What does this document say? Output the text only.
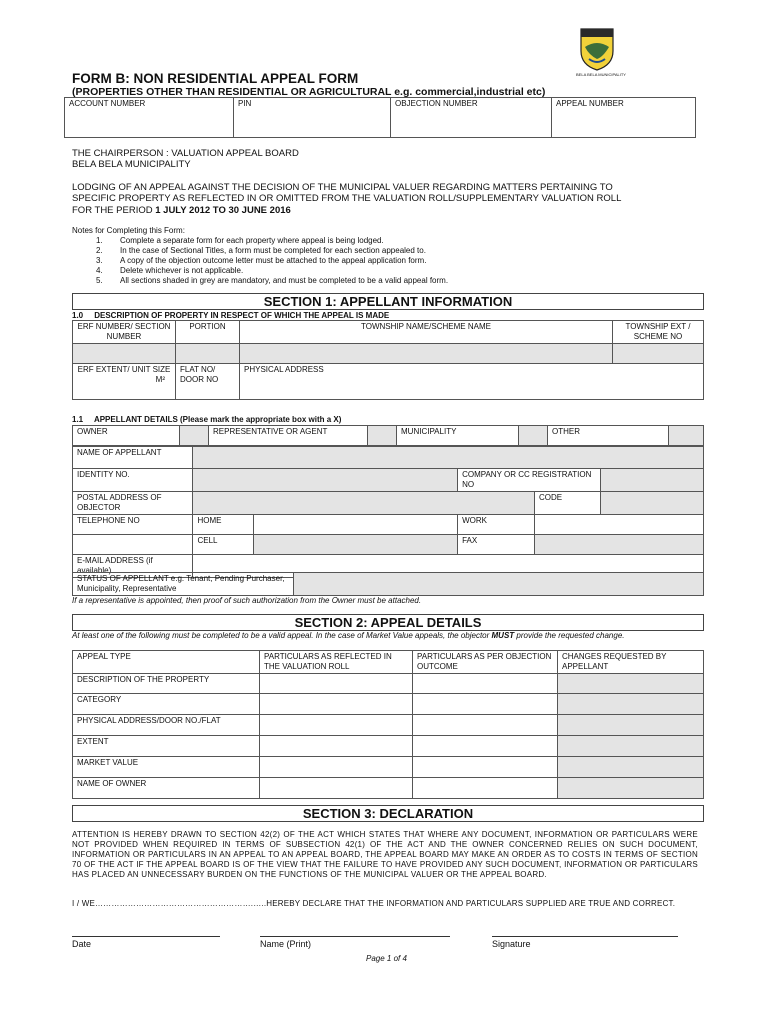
BELA BELA MUNICIPALITY
FORM B: NON RESIDENTIAL APPEAL FORM
(PROPERTIES OTHER THAN RESIDENTIAL OR AGRICULTURAL e.g. commercial,industrial etc)
ACCOUNT NUMBER	PIN	OBJECTION NUMBER	APPEAL NUMBER
THE CHAIRPERSON : VALUATION APPEAL BOARD
BELA BELA MUNICIPALITY
LODGING OF AN APPEAL AGAINST THE DECISION OF THE MUNICIPAL VALUER REGARDING MATTERS PERTAINING TO
SPECIFIC PROPERTY AS REFLECTED IN OR OMITTED FROM THE VALUATION ROLL/SUPPLEMENTARY VALUATION ROLL
FOR THE PERIOD 1 JULY 2012 TO 30 JUNE 2016
Notes for Completing this Form:
1. Complete a separate form for each property where appeal is being lodged.
2. In the case of Sectional Titles, a form must be completed for each section appealed to.
3. A copy of the objection outcome letter must be attached to the appeal application form.
4. Delete whichever is not applicable.
5. All sections shaded in grey are mandatory, and must be completed to be a valid appeal form.
SECTION 1: APPELLANT INFORMATION
1.0     DESCRIPTION OF PROPERTY IN RESPECT OF WHICH THE APPEAL IS MADE
ERF NUMBER/ SECTION NUMBER	PORTION	TOWNSHIP NAME/SCHEME NAME	TOWNSHIP EXT / SCHEME NO

ERF EXTENT/ UNIT SIZE
M²	FLAT NO/ DOOR NO	PHYSICAL ADDRESS	
1.1     APPELLANT DETAILS (Please mark the appropriate box with a X)
OWNER		REPRESENTATIVE OR AGENT		MUNICIPALITY		OTHER	
NAME OF APPELLANT					
IDENTITY NO.			COMPANY OR CC REGISTRATION NO		
POSTAL ADDRESS OF OBJECTOR				CODE	
TELEPHONE NO	HOME		WORK		
	CELL		FAX		
E-MAIL ADDRESS (if available)					
STATUS OF APPELLANT e.g. Tenant, Pending Purchaser, Municipality, Representative	
If a representative is appointed, then proof of such authorization from the Owner must be attached.
SECTION 2: APPEAL DETAILS
At least one of the following must be completed to be a valid appeal. In the case of Market Value appeals, the objector MUST provide the requested change.
APPEAL TYPE	PARTICULARS AS REFLECTED IN THE VALUATION ROLL	PARTICULARS AS PER OBJECTION OUTCOME	CHANGES REQUESTED BY APPELLANT
DESCRIPTION OF THE PROPERTY			
CATEGORY			
PHYSICAL ADDRESS/DOOR NO./FLAT			
EXTENT			
MARKET VALUE			
NAME OF OWNER			
SECTION 3: DECLARATION
ATTENTION IS HEREBY DRAWN TO SECTION 42(2) OF THE ACT WHICH STATES THAT WHERE ANY DOCUMENT, INFORMATION OR PARTICULARS WERE NOT PROVIDED WHEN REQUIRED IN TERMS OF SUBSECTION 42(1) OF THE ACT AND THE OWNER CONCERNED RELIES ON SUCH DOCUMENT, INFORMATION OR PARTICULARS IN AN APPEAL TO AN APPEAL BOARD, THE APPEAL BOARD MAY MAKE AN ORDER AS TO COSTS IN TERMS OF SECTION 70 OF THE ACT IF THE APPEAL BOARD IS OF THE VIEW THAT THE FAILURE TO HAVE PROVIDED ANY SUCH DOCUMENT, INFORMATION OR PARTICULARS HAS PLACED AN UNNECESSARY BURDEN ON THE FUNCTIONS OF THE MUNICIPAL VALUER OR THE APPEAL BOARD.
I / WE………………………………………………….…..HEREBY DECLARE THAT THE INFORMATION AND PARTICULARS SUPPLIED ARE TRUE AND CORRECT.
Date	Name (Print)	Signature
Page 1 of 4
